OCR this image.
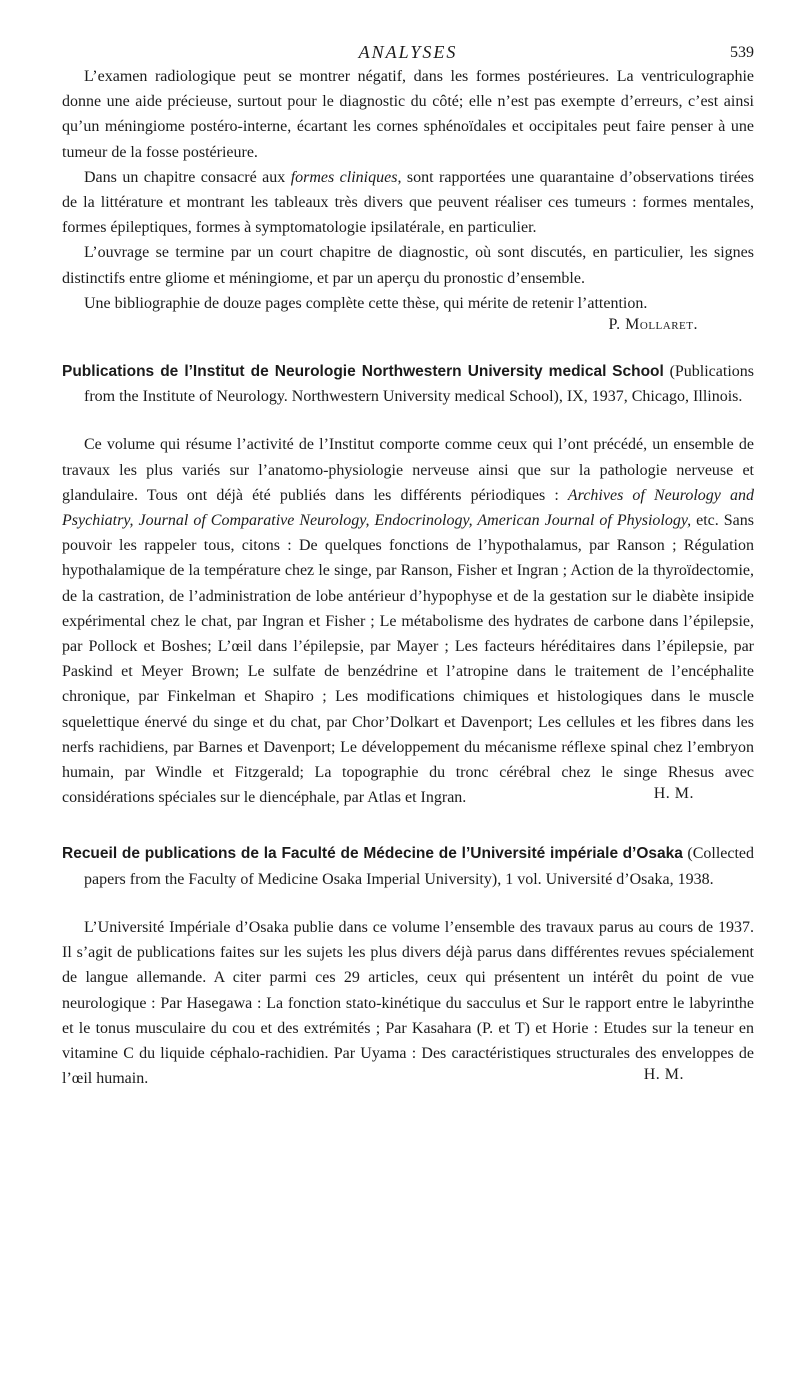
ANALYSES	539

L’examen radiologique peut se montrer négatif, dans les formes postérieures. La ventriculographie donne une aide précieuse, surtout pour le diagnostic du côté; elle n’est pas exempte d’erreurs, c’est ainsi qu’un méningiome postéro-interne, écartant les cornes sphénoïdales et occipitales peut faire penser à une tumeur de la fosse postérieure.

Dans un chapitre consacré aux formes cliniques, sont rapportées une quarantaine d’observations tirées de la littérature et montrant les tableaux très divers que peuvent réaliser ces tumeurs : formes mentales, formes épileptiques, formes à symptomatologie ipsilatérale, en particulier.

L’ouvrage se termine par un court chapitre de diagnostic, où sont discutés, en particulier, les signes distinctifs entre gliome et méningiome, et par un aperçu du pronostic d’ensemble.

Une bibliographie de douze pages complète cette thèse, qui mérite de retenir l’attention.

P. Mollaret.

Publications de l’Institut de Neurologie Northwestern University medical School (Publications from the Institute of Neurology. Northwestern University medical School), IX, 1937, Chicago, Illinois.

Ce volume qui résume l’activité de l’Institut comporte comme ceux qui l’ont précédé, un ensemble de travaux les plus variés sur l’anatomo-physiologie nerveuse ainsi que sur la pathologie nerveuse et glandulaire. Tous ont déjà été publiés dans les différents périodiques : Archives of Neurology and Psychiatry, Journal of Comparative Neurology, Endocrinology, American Journal of Physiology, etc. Sans pouvoir les rappeler tous, citons : De quelques fonctions de l’hypothalamus, par Ranson ; Régulation hypothalamique de la température chez le singe, par Ranson, Fisher et Ingran ; Action de la thyroïdectomie, de la castration, de l’administration de lobe antérieur d’hypophyse et de la gestation sur le diabète insipide expérimental chez le chat, par Ingran et Fisher ; Le métabolisme des hydrates de carbone dans l’épilepsie, par Pollock et Boshes; L’œil dans l’épilepsie, par Mayer ; Les facteurs héréditaires dans l’épilepsie, par Paskind et Meyer Brown; Le sulfate de benzédrine et l’atropine dans le traitement de l’encéphalite chronique, par Finkelman et Shapiro ; Les modifications chimiques et histologiques dans le muscle squelettique énervé du singe et du chat, par Chor’Dolkart et Davenport; Les cellules et les fibres dans les nerfs rachidiens, par Barnes et Davenport; Le développement du mécanisme réflexe spinal chez l’embryon humain, par Windle et Fitzgerald; La topographie du tronc cérébral chez le singe Rhesus avec considérations spéciales sur le diencéphale, par Atlas et Ingran.	H. M.

Recueil de publications de la Faculté de Médecine de l’Université impériale d’Osaka (Collected papers from the Faculty of Medicine Osaka Imperial University), 1 vol. Université d’Osaka, 1938.

L’Université Impériale d’Osaka publie dans ce volume l’ensemble des travaux parus au cours de 1937. Il s’agit de publications faites sur les sujets les plus divers déjà parus dans différentes revues spécialement de langue allemande. A citer parmi ces 29 articles, ceux qui présentent un intérêt du point de vue neurologique : Par Hasegawa : La fonction stato-kinétique du sacculus et Sur le rapport entre le labyrinthe et le tonus musculaire du cou et des extrémités ; Par Kasahara (P. et T) et Horie : Etudes sur la teneur en vitamine C du liquide céphalo-rachidien. Par Uyama : Des caractéristiques structurales des enveloppes de l’œil humain.	H. M.
